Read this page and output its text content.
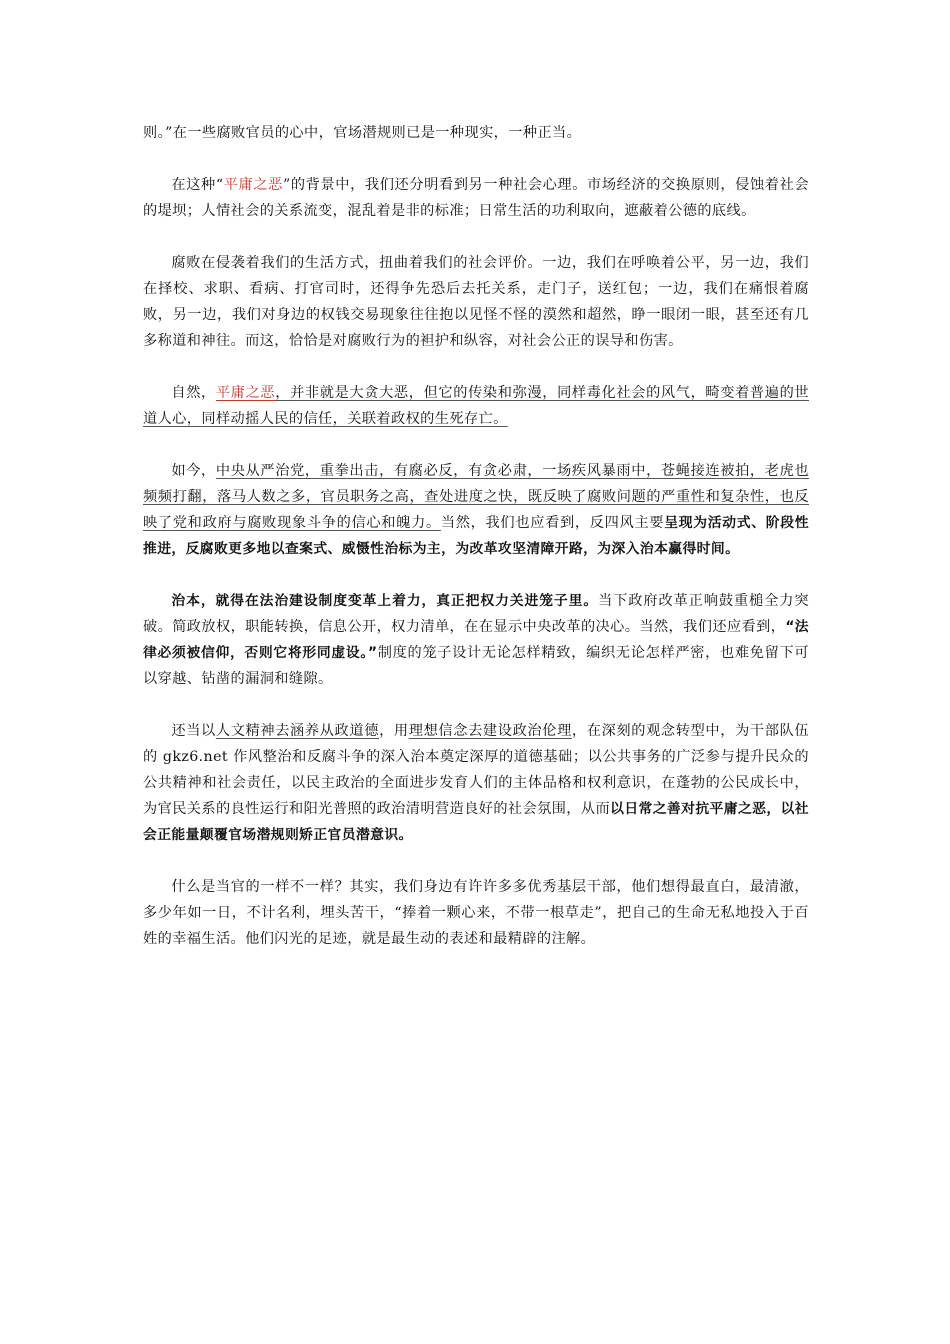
则。”在一些腐败官员的心中，官场潜规则已是一种现实，一种正当。

在这种“平庸之恶”的背景中，我们还分明看到另一种社会心理。市场经济的交换原则，侵蚀着社会的堤坝；人情社会的关系流变，混乱着是非的标准；日常生活的功利取向，遮蔽着公德的底线。

腐败在侵袭着我们的生活方式，扭曲着我们的社会评价。一边，我们在呼唤着公平，另一边，我们在择校、求职、看病、打官司时，还得争先恐后去托关系，走门子，送红包；一边，我们在痛恨着腐败，另一边，我们对身边的权钱交易现象往往抱以见怪不怪的漠然和超然，睁一眼闭一眼，甚至还有几多称道和神往。而这，恰恰是对腐败行为的袒护和纵容，对社会公正的误导和伤害。

自然，平庸之恶，并非就是大贪大恶，但它的传染和弥漫，同样毒化社会的风气，畸变着普遍的世道人心，同样动摇人民的信任，关联着政权的生死存亡。

如今，中央从严治党，重拳出击，有腐必反，有贪必肃，一场疾风暴雨中，苍蝇接连被拍，老虎也频频打翻，落马人数之多，官员职务之高，查处进度之快，既反映了腐败问题的严重性和复杂性，也反映了党和政府与腐败现象斗争的信心和魄力。当然，我们也应看到，反四风主要呈现为活动式、阶段性推进，反腐败更多地以查案式、威慑性治标为主，为改革攻坚清障开路，为深入治本赢得时间。

治本，就得在法治建设制度变革上着力，真正把权力关进笼子里。当下政府改革正响鼓重槌全力突破。简政放权，职能转换，信息公开，权力清单，在在显示中央改革的决心。当然，我们还应看到，“法律必须被信仰，否则它将形同虚设。”制度的笼子设计无论怎样精致，编织无论怎样严密，也难免留下可以穿越、钻凿的漏洞和缝隙。

还当以人文精神去涵养从政道德，用理想信念去建设政治伦理，在深刻的观念转型中，为干部队伍的 gkz6.net 作风整治和反腐斗争的深入治本奠定深厚的道德基础；以公共事务的广泛参与提升民众的公共精神和社会责任，以民主政治的全面进步发育人们的主体品格和权利意识，在蓬勃的公民成长中，为官民关系的良性运行和阳光普照的政治清明营造良好的社会氛围，从而以日常之善对抗平庸之恶，以社会正能量颠覆官场潜规则矫正官员潜意识。

什么是当官的一样不一样？其实，我们身边有许许多多优秀基层干部，他们想得最直白，最清澈，多少年如一日，不计名利，埋头苦干，“捧着一颗心来，不带一根草走”，把自己的生命无私地投入于百姓的幸福生活。他们闪光的足迹，就是最生动的表述和最精辟的注解。
